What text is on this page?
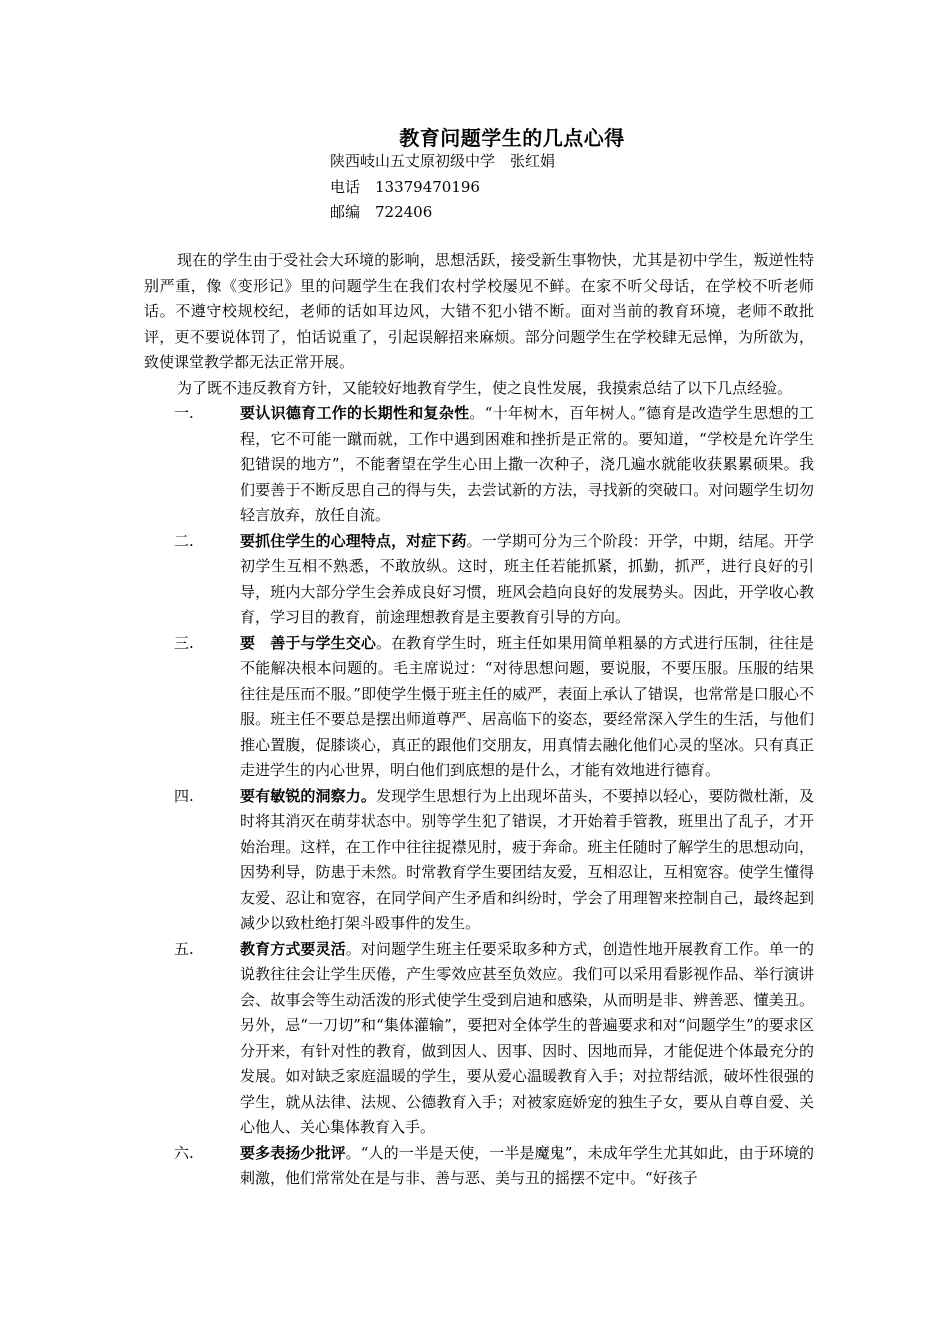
教育问题学生的几点心得
陕西岐山五丈原初级中学　张红娟
电话　13379470196
邮编　722406

现在的学生由于受社会大环境的影响，思想活跃，接受新生事物快，尤其是初中学生，叛逆性特别严重，像《变形记》里的问题学生在我们农村学校屡见不鲜。在家不听父母话，在学校不听老师话。不遵守校规校纪，老师的话如耳边风，大错不犯小错不断。面对当前的教育环境，老师不敢批评，更不要说体罚了，怕话说重了，引起误解招来麻烦。部分问题学生在学校肆无忌惮，为所欲为，致使课堂教学都无法正常开展。

为了既不违反教育方针，又能较好地教育学生，使之良性发展，我摸索总结了以下几点经验。

一.	要认识德育工作的长期性和复杂性。“十年树木，百年树人。”德育是改造学生思想的工程，它不可能一蹴而就，工作中遇到困难和挫折是正常的。要知道，“学校是允许学生犯错误的地方”，不能奢望在学生心田上撒一次种子，浇几遍水就能收获累累硕果。我们要善于不断反思自己的得与失，去尝试新的方法，寻找新的突破口。对问题学生切勿轻言放弃，放任自流。
二.	要抓住学生的心理特点，对症下药。一学期可分为三个阶段：开学，中期，结尾。开学初学生互相不熟悉，不敢放纵。这时，班主任若能抓紧，抓勤，抓严，进行良好的引导，班内大部分学生会养成良好习惯，班风会趋向良好的发展势头。因此，开学收心教育，学习目的教育，前途理想教育是主要教育引导的方向。
三.	要　善于与学生交心。在教育学生时，班主任如果用简单粗暴的方式进行压制，往往是不能解决根本问题的。毛主席说过：“对待思想问题，要说服，不要压服。压服的结果往往是压而不服。”即使学生慑于班主任的威严，表面上承认了错误，也常常是口服心不服。班主任不要总是摆出师道尊严、居高临下的姿态，要经常深入学生的生活，与他们推心置腹，促膝谈心，真正的跟他们交朋友，用真情去融化他们心灵的坚冰。只有真正走进学生的内心世界，明白他们到底想的是什么，才能有效地进行德育。
四.	要有敏锐的洞察力。发现学生思想行为上出现坏苗头，不要掉以轻心，要防微杜渐，及时将其消灭在萌芽状态中。别等学生犯了错误，才开始着手管教，班里出了乱子，才开始治理。这样，在工作中往往捉襟见肘，疲于奔命。班主任随时了解学生的思想动向，因势利导，防患于未然。时常教育学生要团结友爱，互相忍让，互相宽容。使学生懂得友爱、忍让和宽容，在同学间产生矛盾和纠纷时，学会了用理智来控制自己，最终起到减少以致杜绝打架斗殴事件的发生。
五.	教育方式要灵活。对问题学生班主任要采取多种方式，创造性地开展教育工作。单一的说教往往会让学生厌倦，产生零效应甚至负效应。我们可以采用看影视作品、举行演讲会、故事会等生动活泼的形式使学生受到启迪和感染，从而明是非、辨善恶、懂美丑。另外，忌“一刀切”和“集体灌输”，要把对全体学生的普遍要求和对“问题学生”的要求区分开来，有针对性的教育，做到因人、因事、因时、因地而异，才能促进个体最充分的发展。如对缺乏家庭温暖的学生，要从爱心温暖教育入手；对拉帮结派，破坏性很强的学生，就从法律、法规、公德教育入手；对被家庭娇宠的独生子女，要从自尊自爱、关心他人、关心集体教育入手。
六.	要多表扬少批评。“人的一半是天使，一半是魔鬼”，未成年学生尤其如此，由于环境的刺激，他们常常处在是与非、善与恶、美与丑的摇摆不定中。“好孩子
